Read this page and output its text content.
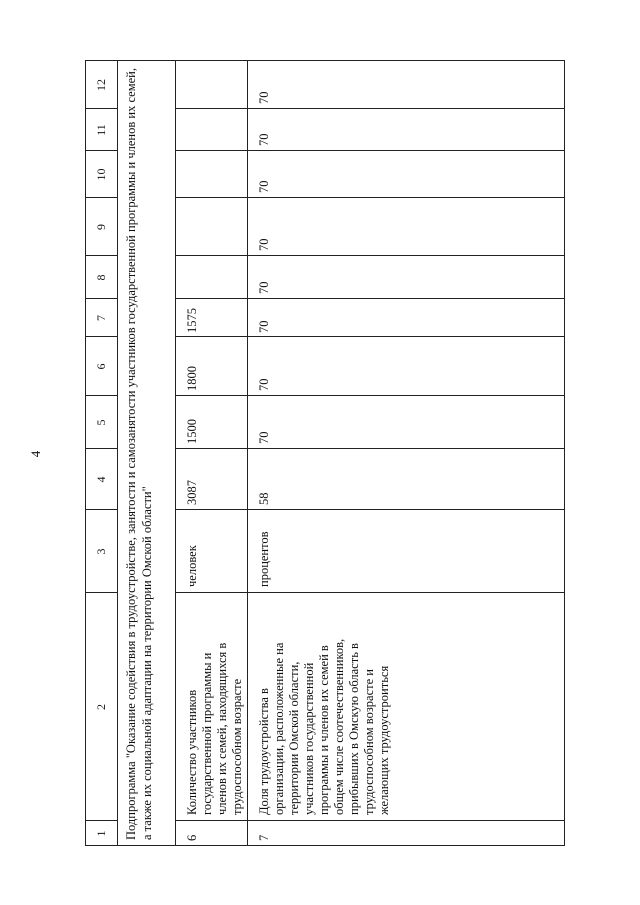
4
1
2
3
4
5
6
7
8
9
10
11
12 Подпрограмма "Оказание содействия в трудоустройстве, занятости и самозанятости участников государственной программы и членов их семей, а также их социальной адаптации на территории Омской области" 6
Количество участников государственной программы и членов их семей, находящихся в трудоспособном возрасте
человек
3087
1500
1800
1575
7
Доля трудоустройства в организации, расположенные на территории Омской области, участников государственной программы и членов их семей в общем числе соотечественников, прибывших в Омскую область в трудоспособном возрасте и желающих трудоустроиться
процентов
58
70
70
70
70
70
70
70
70
